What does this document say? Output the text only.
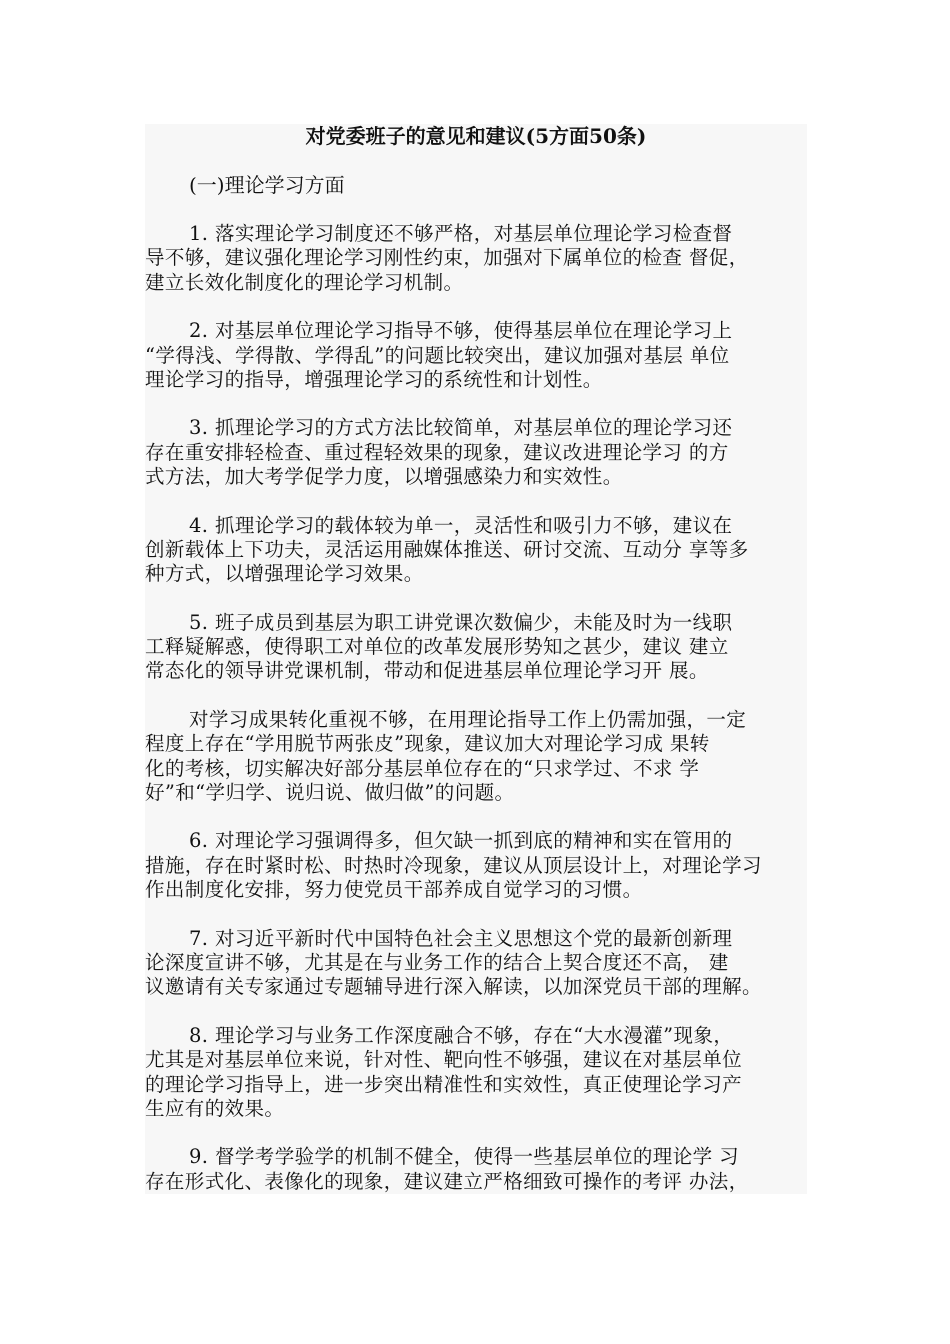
对党委班子的意见和建议(5方面50条)
(一)理论学习方面
1. 落实理论学习制度还不够严格，对基层单位理论学习检查督
导不够，建议强化理论学习刚性约束，加强对下属单位的检查 督促，
建立长效化制度化的理论学习机制。
2. 对基层单位理论学习指导不够，使得基层单位在理论学习上
“学得浅、学得散、学得乱”的问题比较突出，建议加强对基层 单位
理论学习的指导，增强理论学习的系统性和计划性。
3. 抓理论学习的方式方法比较简单，对基层单位的理论学习还
存在重安排轻检查、重过程轻效果的现象，建议改进理论学习 的方
式方法，加大考学促学力度，以增强感染力和实效性。
4. 抓理论学习的载体较为单一，灵活性和吸引力不够，建议在
创新载体上下功夫，灵活运用融媒体推送、研讨交流、互动分 享等多
种方式，以增强理论学习效果。
5. 班子成员到基层为职工讲党课次数偏少，未能及时为一线职
工释疑解惑，使得职工对单位的改革发展形势知之甚少，建议 建立
常态化的领导讲党课机制，带动和促进基层单位理论学习开 展。
对学习成果转化重视不够，在用理论指导工作上仍需加强，一定
程度上存在“学用脱节两张皮”现象，建议加大对理论学习成 果转
化的考核，切实解决好部分基层单位存在的“只求学过、不求 学
好”和“学归学、说归说、做归做”的问题。
6. 对理论学习强调得多，但欠缺一抓到底的精神和实在管用的
措施，存在时紧时松、时热时冷现象，建议从顶层设计上，对理论学习
作出制度化安排，努力使党员干部养成自觉学习的习惯。
7. 对习近平新时代中国特色社会主义思想这个党的最新创新理
论深度宣讲不够，尤其是在与业务工作的结合上契合度还不高， 建
议邀请有关专家通过专题辅导进行深入解读，以加深党员干部的理解。
8. 理论学习与业务工作深度融合不够，存在“大水漫灌”现象，
尤其是对基层单位来说，针对性、靶向性不够强，建议在对基层单位
的理论学习指导上，进一步突出精准性和实效性，真正使理论学习产
生应有的效果。
9. 督学考学验学的机制不健全，使得一些基层单位的理论学 习
存在形式化、表像化的现象，建议建立严格细致可操作的考评 办法，
